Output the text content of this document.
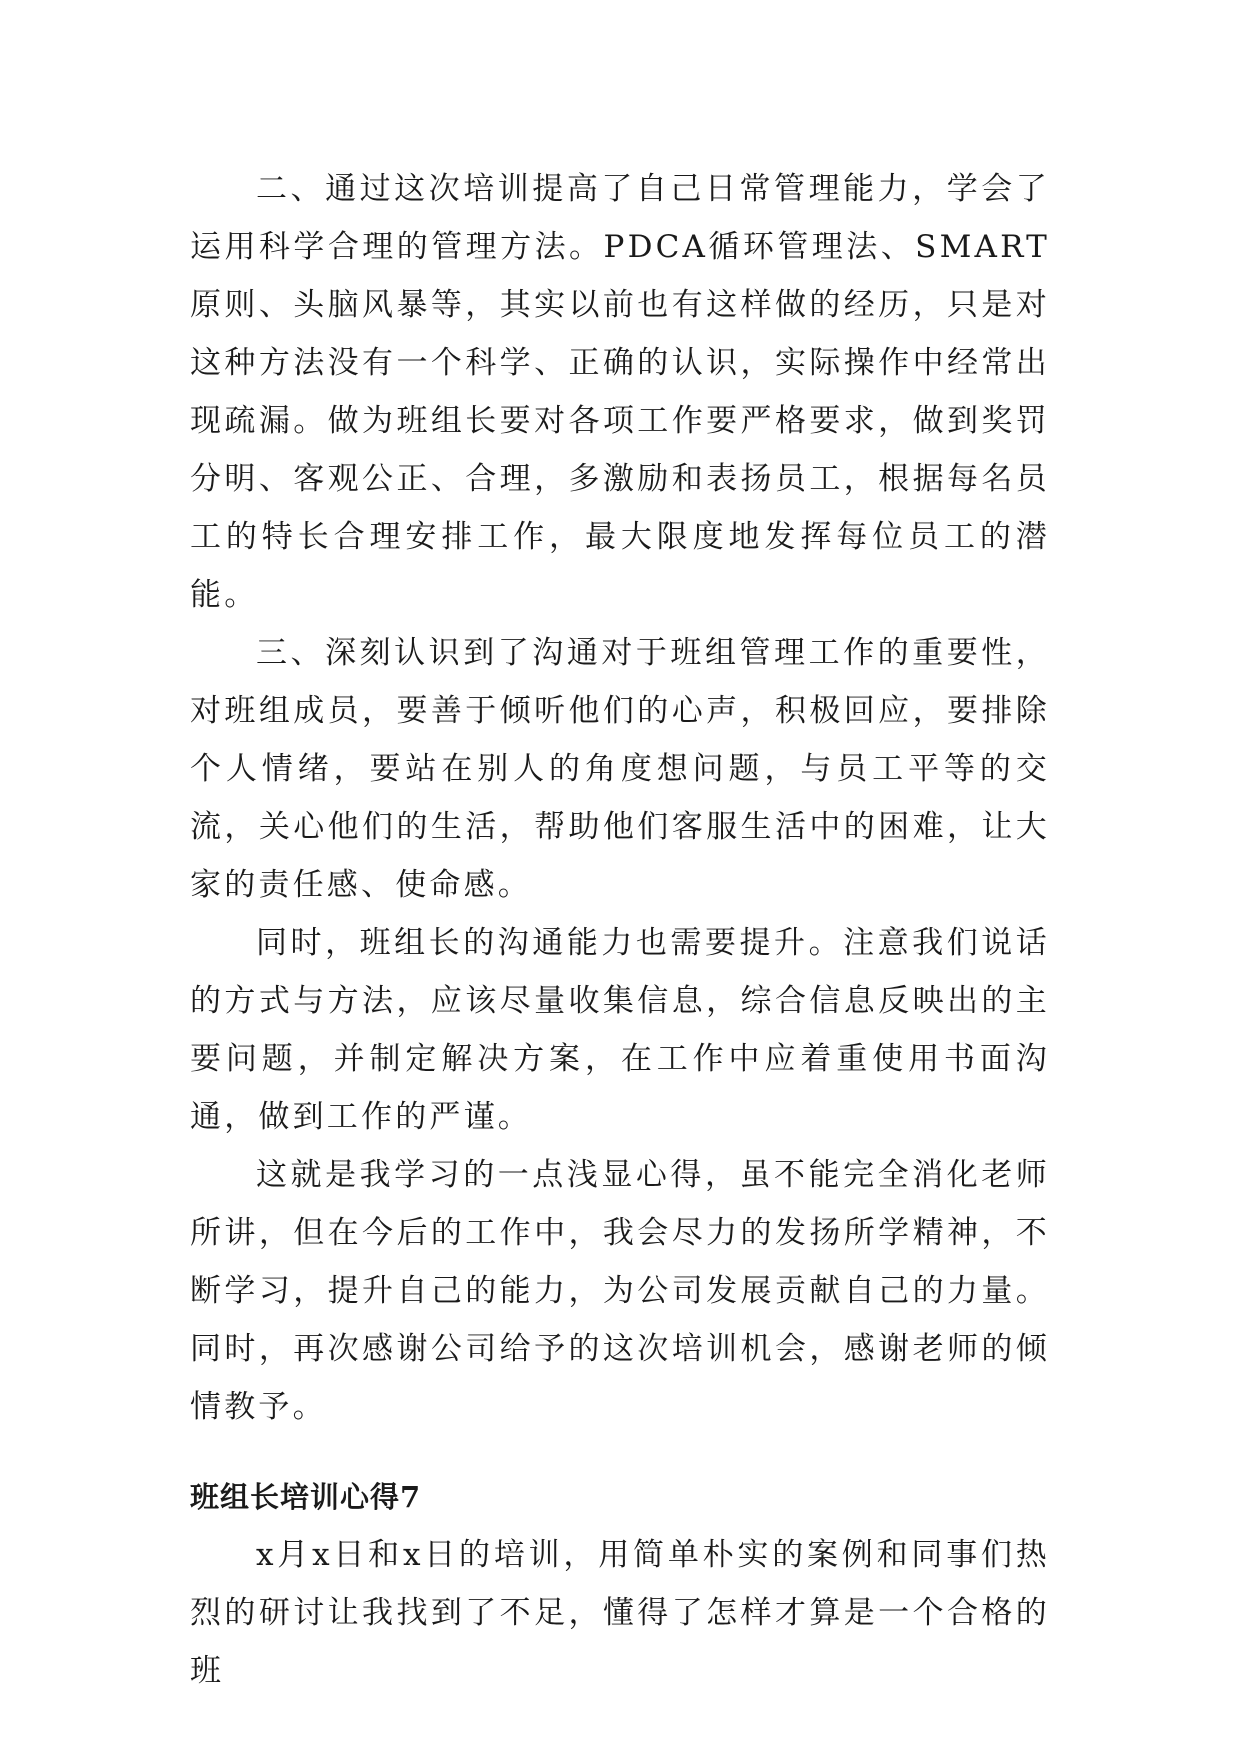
二、通过这次培训提高了自己日常管理能力，学会了运用科学合理的管理方法。PDCA循环管理法、SMART原则、头脑风暴等，其实以前也有这样做的经历，只是对这种方法没有一个科学、正确的认识，实际操作中经常出现疏漏。做为班组长要对各项工作要严格要求，做到奖罚分明、客观公正、合理，多激励和表扬员工，根据每名员工的特长合理安排工作，最大限度地发挥每位员工的潜能。

三、深刻认识到了沟通对于班组管理工作的重要性，对班组成员，要善于倾听他们的心声，积极回应，要排除个人情绪，要站在别人的角度想问题，与员工平等的交流，关心他们的生活，帮助他们客服生活中的困难，让大家的责任感、使命感。

同时，班组长的沟通能力也需要提升。注意我们说话的方式与方法，应该尽量收集信息，综合信息反映出的主要问题，并制定解决方案，在工作中应着重使用书面沟通，做到工作的严谨。

这就是我学习的一点浅显心得，虽不能完全消化老师所讲，但在今后的工作中，我会尽力的发扬所学精神，不断学习，提升自己的能力，为公司发展贡献自己的力量。同时，再次感谢公司给予的这次培训机会，感谢老师的倾情教予。

班组长培训心得7

x月x日和x日的培训，用简单朴实的案例和同事们热烈的研讨让我找到了不足，懂得了怎样才算是一个合格的班
